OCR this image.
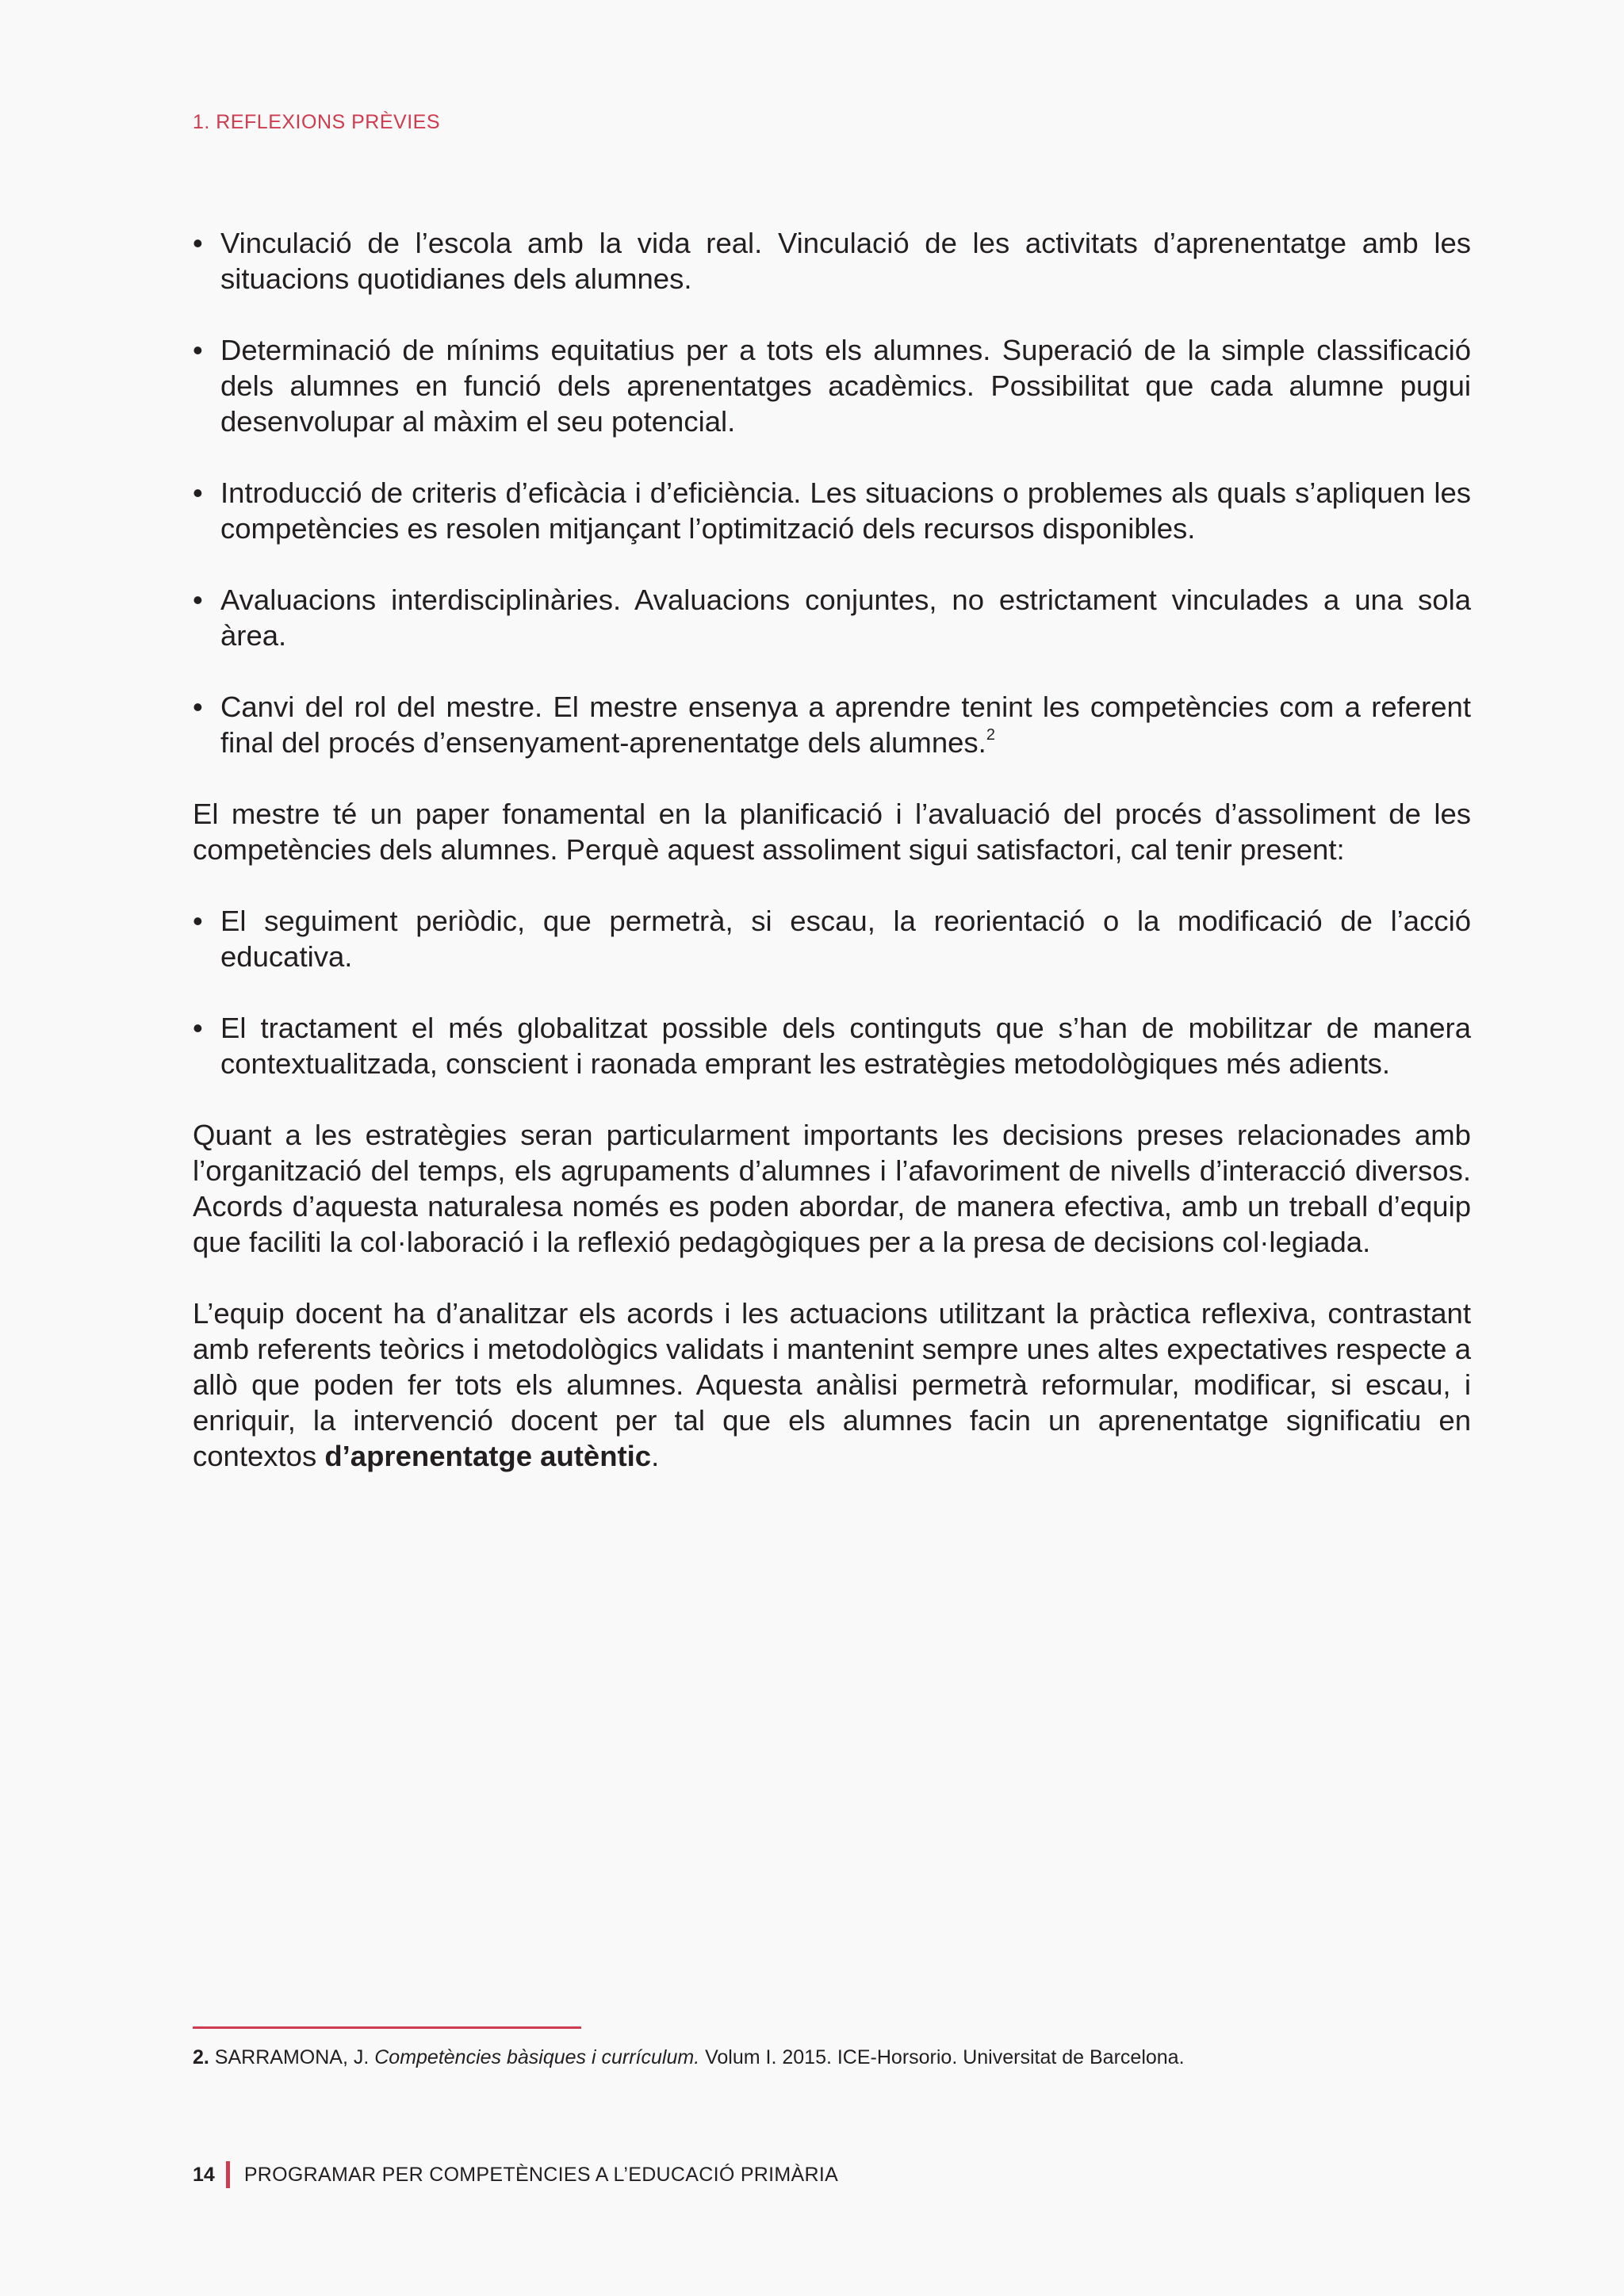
1. REFLEXIONS PRÈVIES
• Vinculació de l’escola amb la vida real. Vinculació de les activitats d’aprenentatge amb les situacions quotidianes dels alumnes.
• Determinació de mínims equitatius per a tots els alumnes. Superació de la simple classificació dels alumnes en funció dels aprenentatges acadèmics. Possibilitat que cada alumne pugui desenvolupar al màxim el seu potencial.
• Introducció de criteris d’eficàcia i d’eficiència. Les situacions o problemes als quals s’apliquen les competències es resolen mitjançant l’optimització dels recursos disponibles.
• Avaluacions interdisciplinàries. Avaluacions conjuntes, no estrictament vinculades a una sola àrea.
• Canvi del rol del mestre. El mestre ensenya a aprendre tenint les competències com a referent final del procés d’ensenyament-aprenentatge dels alumnes.$^2$

El mestre té un paper fonamental en la planificació i l’avaluació del procés d’assoliment de les competències dels alumnes. Perquè aquest assoliment sigui satisfactori, cal tenir present:

• El seguiment periòdic, que permetrà, si escau, la reorientació o la modificació de l’acció educativa.
• El tractament el més globalitzat possible dels continguts que s’han de mobilitzar de manera contextualitzada, conscient i raonada emprant les estratègies metodològiques més adients.

Quant a les estratègies seran particularment importants les decisions preses relacionades amb l’organització del temps, els agrupaments d’alumnes i l’afavoriment de nivells d’interacció diversos. Acords d’aquesta naturalesa només es poden abordar, de manera efectiva, amb un treball d’equip que faciliti la col·laboració i la reflexió pedagògiques per a la presa de decisions col·legiada.

L’equip docent ha d’analitzar els acords i les actuacions utilitzant la pràctica reflexiva, contrastant amb referents teòrics i metodològics validats i mantenint sempre unes altes expectatives respecte a allò que poden fer tots els alumnes. Aquesta anàlisi permetrà reformular, modificar, si escau, i enriquir, la intervenció docent per tal que els alumnes facin un aprenentatge significatiu en contextos d’aprenentatge autèntic.

2. SARRAMONA, J. Competències bàsiques i currículum. Volum I. 2015. ICE-Horsorio. Universitat de Barcelona.
14 PROGRAMAR PER COMPETÈNCIES A L’EDUCACIÓ PRIMÀRIA
